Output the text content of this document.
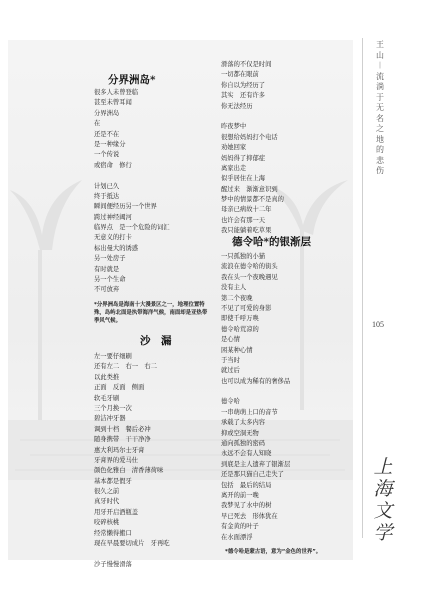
王 山 ︱ 流淌于无名之地的悲伤
105
上海文学
分界洲岛*
很多人未曾登临
甚至未曾耳闻
分界洲岛
在
还是不在
是一种缘分
一个传说
或宿命　修行
计划已久
终于抵达
瞬间便经历另一个世界
跨过神经阈河
临界点　是一个危险的词汇
无意义的打卡
标出曼大的诱惑
另一处房子
有时就是
另一个生命
不可放弃
*分界洲岛是海南十大漫景区之一，地理位置特殊，岛屿北面是执带海洋气候，南面却是亚热带季风气候。
沙　漏
左一要仔细刷
还有左二　右一　右二
以此类推
正面　反面　侧面
软毛牙刷
三个月换一次
碧洁冲牙器
调到十档　餐后必冲
随身携带　干干净净
惠大利玛尔士牙膏
牙膏界的爱马仕
颜色化雅白　清香薄荷味
基本都是假牙
很久之前
真牙时代
用牙开启酒瓶盖
咬碎核桃
经常懒得搬口
现在早晨要切成片　牙再吃
沙子慢慢滑落
滑落的不仅是时间
一切都在眼前
你自以为经历了
其实　还有许多
你无法经历
昨夜梦中
很想给妈妈打个电话
劝她回家
妈妈得了抑郁症
离家出走
似乎居住在上海
醒过来　渐渐意识到
梦中的情景都不是真的
母亲已病故十二年
也许会有那一天
我只能躺着吃草果
德令哈*的银渐层
一只孤独的小猫
流浪在德令哈的街头
我在头一个夜晚遇见
没有主人
第二个夜晚
不见了可爱的身影
即使千呼万唤
德令哈荒凉的
是心情
困某种心情
于当时
就过后
也可以成为稀有的奢侈品
德令哈
一串萌萌上口的音节
承载了太多内容
抑或空洞无物
通向孤独的密码
永远不会有人知晓
到底是主人遗弃了银渐层
还是那只猫自己走失了
包括　最后的结局
离开的前一晚
我梦见了水中的树
早已死去　形体犹在
有金黄的叶子
在水面漂浮
*德令哈是蒙古语，意为“金色的世界”。
